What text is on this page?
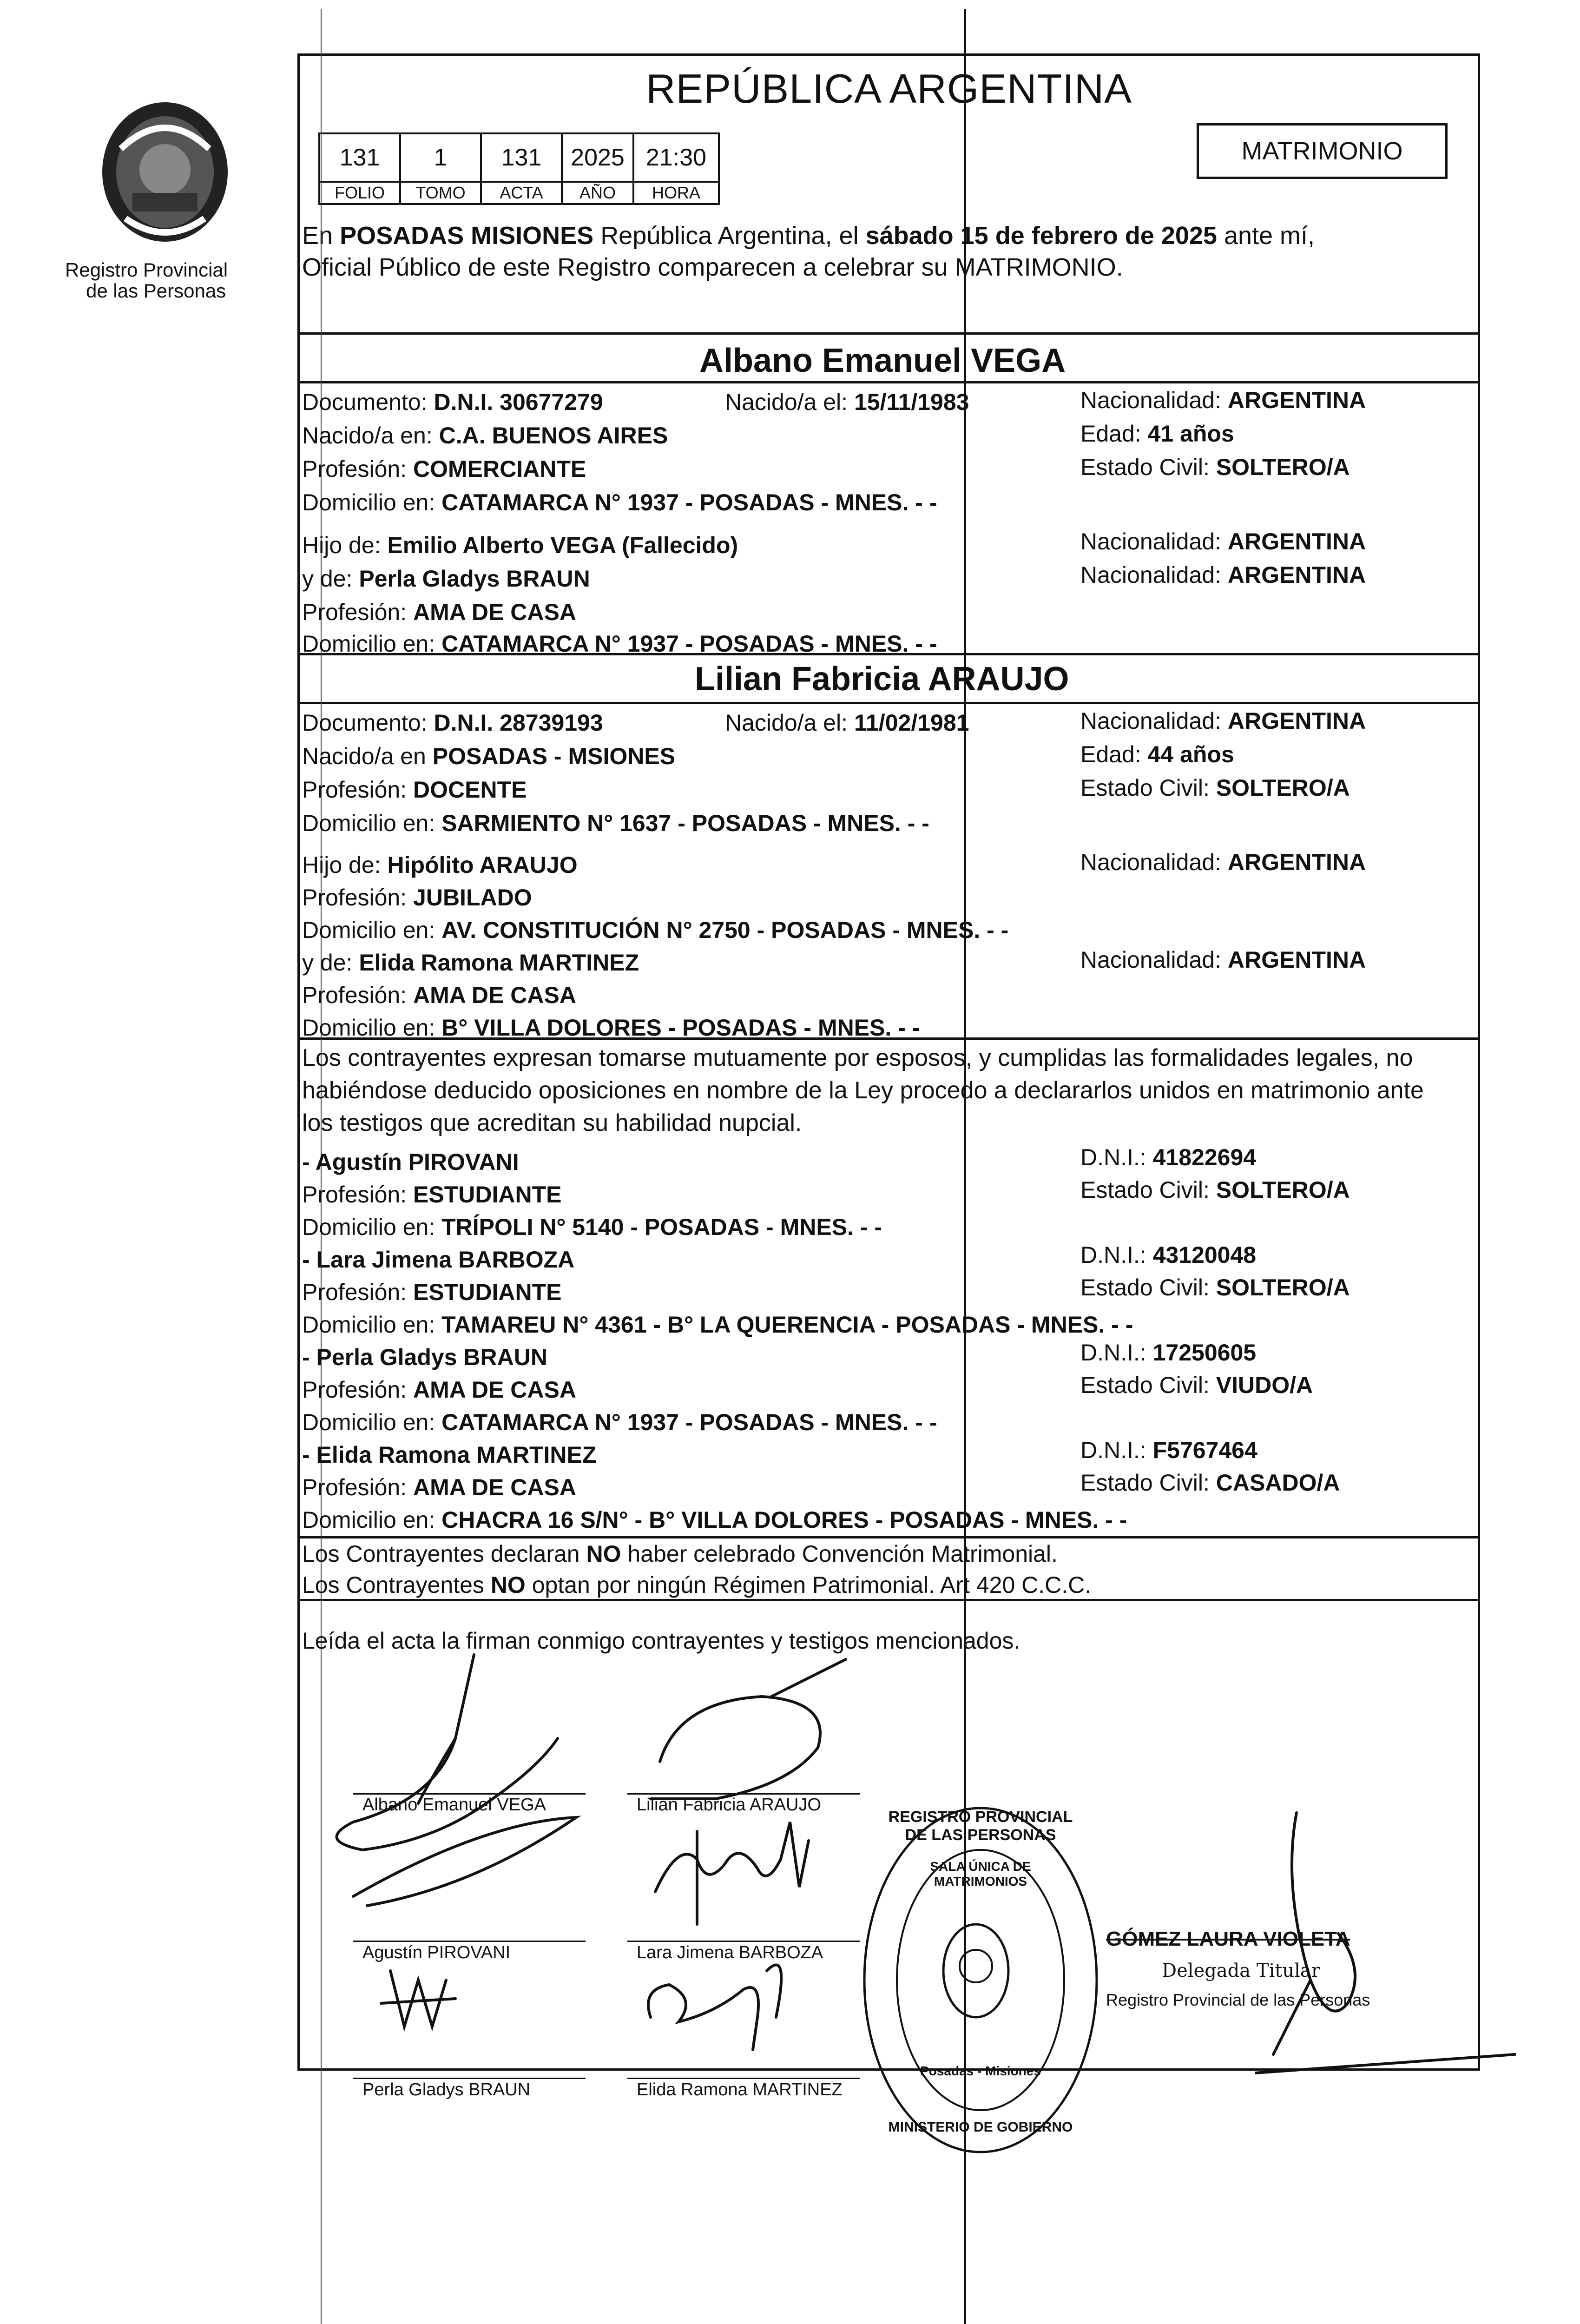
Registro Provincial
de las Personas
REPÚBLICA ARGENTINA
131	1	131	2025	21:30
FOLIO	TOMO	ACTA	AÑO	HORA
MATRIMONIO
En POSADAS MISIONES República Argentina, el sábado 15 de febrero de 2025 ante mí,
Oficial Público de este Registro comparecen a celebrar su MATRIMONIO.
Albano Emanuel VEGA
Documento: D.N.I. 30677279	Nacido/a el: 15/11/1983	Nacionalidad: ARGENTINA
Nacido/a en: C.A. BUENOS AIRES	Edad: 41 años
Profesión: COMERCIANTE	Estado Civil: SOLTERO/A
Domicilio en: CATAMARCA N° 1937 - POSADAS - MNES. - -
Hijo de: Emilio Alberto VEGA (Fallecido)	Nacionalidad: ARGENTINA
y de: Perla Gladys BRAUN	Nacionalidad: ARGENTINA
Profesión: AMA DE CASA
Domicilio en: CATAMARCA N° 1937 - POSADAS - MNES. - -
Lilian Fabricia ARAUJO
Documento: D.N.I. 28739193	Nacido/a el: 11/02/1981	Nacionalidad: ARGENTINA
Nacido/a en POSADAS - MSIONES	Edad: 44 años
Profesión: DOCENTE	Estado Civil: SOLTERO/A
Domicilio en: SARMIENTO N° 1637 - POSADAS - MNES. - -
Hijo de: Hipólito ARAUJO	Nacionalidad: ARGENTINA
Profesión: JUBILADO
Domicilio en: AV. CONSTITUCIÓN N° 2750 - POSADAS - MNES. - -
y de: Elida Ramona MARTINEZ	Nacionalidad: ARGENTINA
Profesión: AMA DE CASA
Domicilio en: B° VILLA DOLORES - POSADAS - MNES. - -
Los contrayentes expresan tomarse mutuamente por esposos, y cumplidas las formalidades legales, no
habiéndose deducido oposiciones en nombre de la Ley procedo a declararlos unidos en matrimonio ante
los testigos que acreditan su habilidad nupcial.
- Agustín PIROVANI	D.N.I.: 41822694
Profesión: ESTUDIANTE	Estado Civil: SOLTERO/A
Domicilio en: TRÍPOLI N° 5140 - POSADAS - MNES. - -
- Lara Jimena BARBOZA	D.N.I.: 43120048
Profesión: ESTUDIANTE	Estado Civil: SOLTERO/A
Domicilio en: TAMAREU N° 4361 - B° LA QUERENCIA - POSADAS - MNES. - -
- Perla Gladys BRAUN	D.N.I.: 17250605
Profesión: AMA DE CASA	Estado Civil: VIUDO/A
Domicilio en: CATAMARCA N° 1937 - POSADAS - MNES. - -
- Elida Ramona MARTINEZ	D.N.I.: F5767464
Profesión: AMA DE CASA	Estado Civil: CASADO/A
Domicilio en: CHACRA 16 S/N° - B° VILLA DOLORES - POSADAS - MNES. - -
Los Contrayentes declaran NO haber celebrado Convención Matrimonial.
Los Contrayentes NO optan por ningún Régimen Patrimonial. Art 420 C.C.C.
Leída el acta la firman conmigo contrayentes y testigos mencionados.
Albano Emanuel VEGA	Lilian Fabricia ARAUJO
Agustín PIROVANI	Lara Jimena BARBOZA
Perla Gladys BRAUN	Elida Ramona MARTINEZ
REGISTRO PROVINCIAL DE LAS PERSONAS
SALA ÚNICA DE MATRIMONIOS
Posadas - Misiones
MINISTERIO DE GOBIERNO
GÓMEZ LAURA VIOLETA
Delegada Titular
Registro Provincial de las Personas
